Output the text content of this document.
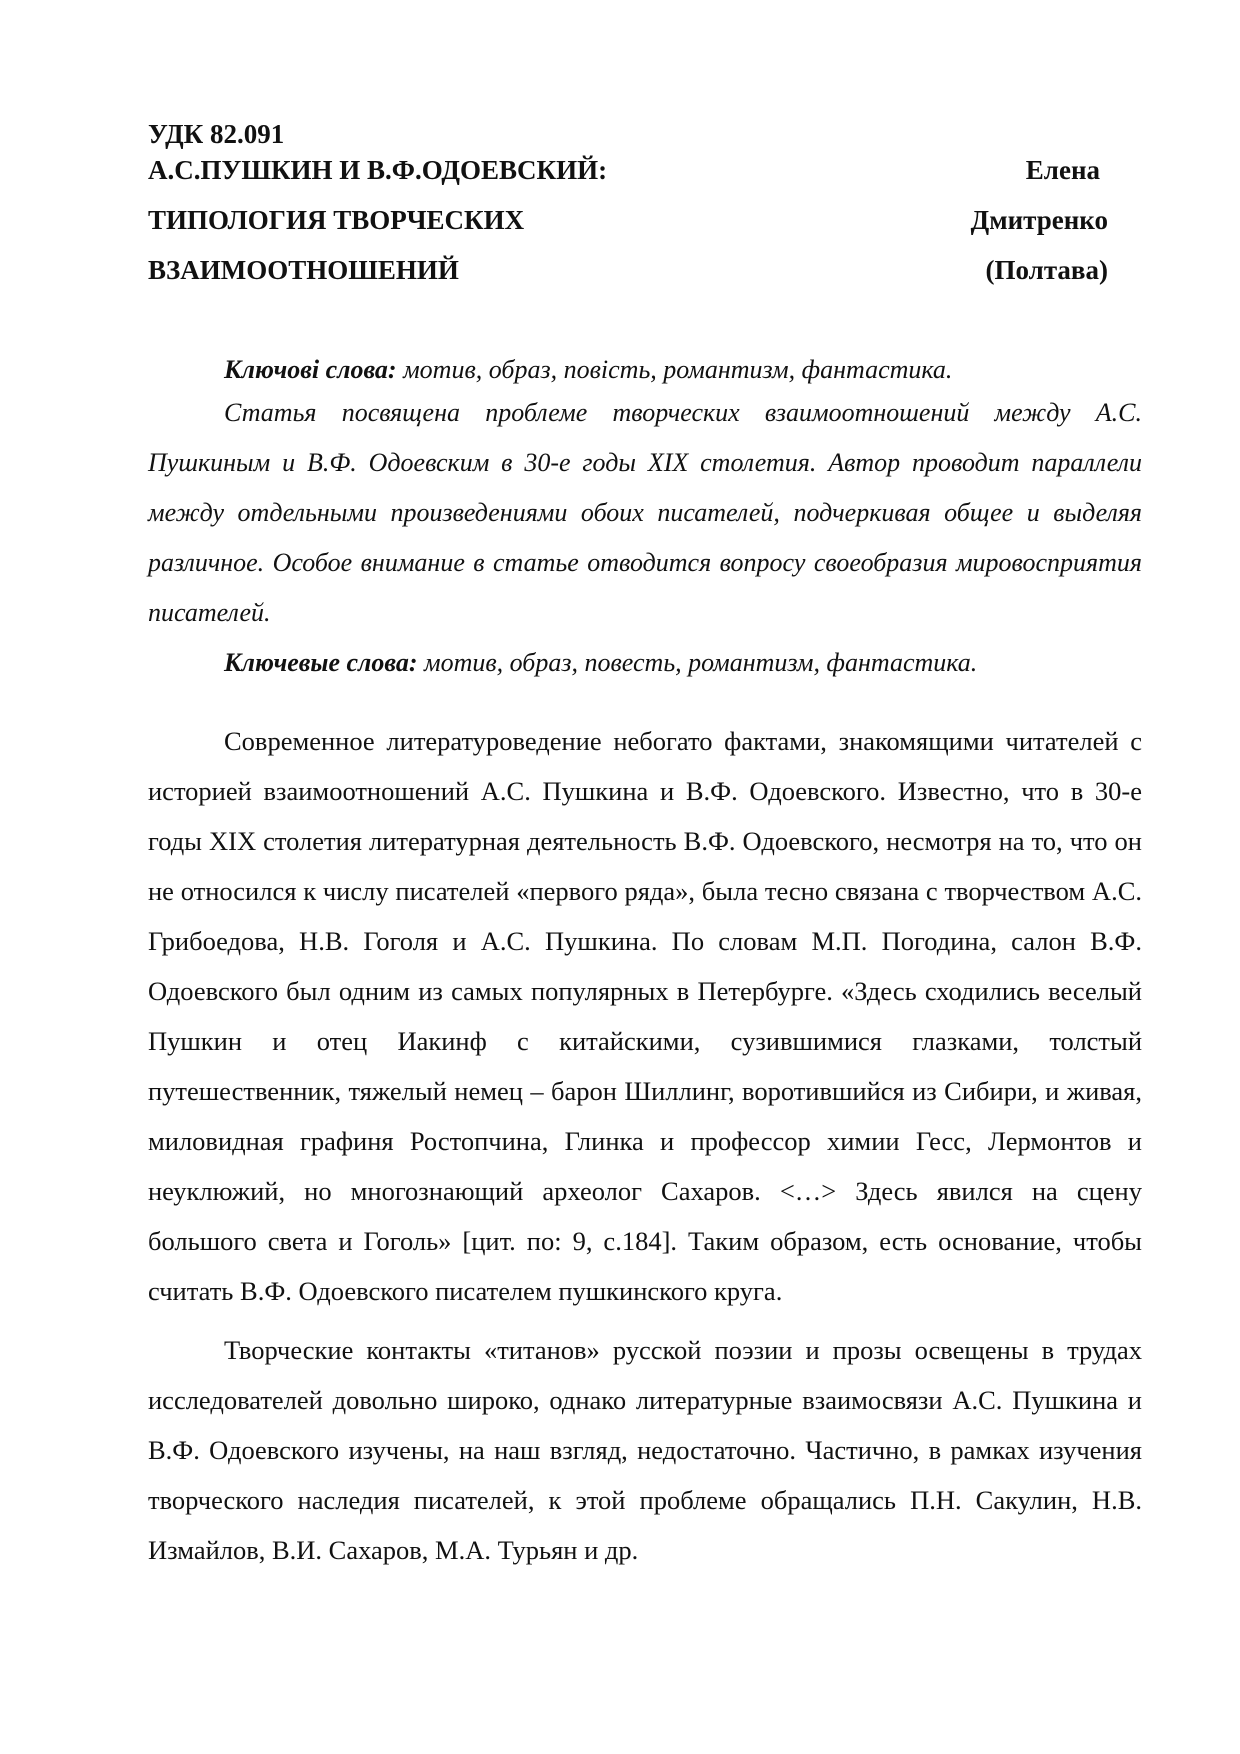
УДК 82.091
А.С.ПУШКИН И В.Ф.ОДОЕВСКИЙ:	Елена
ТИПОЛОГИЯ ТВОРЧЕСКИХ	Дмитренко
ВЗАИМООТНОШЕНИЙ	(Полтава)

Ключові слова: мотив, образ, повість, романтизм, фантастика.

Статья посвящена проблеме творческих взаимоотношений между А.С. Пушкиным и В.Ф. Одоевским в 30-е годы XIX столетия. Автор проводит параллели между отдельными произведениями обоих писателей, подчеркивая общее и выделяя различное. Особое внимание в статье отводится вопросу своеобразия мировосприятия писателей.

Ключевые слова: мотив, образ, повесть, романтизм, фантастика.

Современное литературоведение небогато фактами, знакомящими читателей с историей взаимоотношений А.С. Пушкина и В.Ф. Одоевского. Известно, что в 30-е годы XIX столетия литературная деятельность В.Ф. Одоевского, несмотря на то, что он не относился к числу писателей «первого ряда», была тесно связана с творчеством А.С. Грибоедова, Н.В. Гоголя и А.С. Пушкина. По словам М.П. Погодина, салон В.Ф. Одоевского был одним из самых популярных в Петербурге. «Здесь сходились веселый Пушкин и отец Иакинф с китайскими, сузившимися глазками, толстый путешественник, тяжелый немец – барон Шиллинг, воротившийся из Сибири, и живая, миловидная графиня Ростопчина, Глинка и профессор химии Гесс, Лермонтов и неуклюжий, но многознающий археолог Сахаров. <…> Здесь явился на сцену большого света и Гоголь» [цит. по: 9, с.184]. Таким образом, есть основание, чтобы считать В.Ф. Одоевского писателем пушкинского круга.

Творческие контакты «титанов» русской поэзии и прозы освещены в трудах исследователей довольно широко, однако литературные взаимосвязи А.С. Пушкина и В.Ф. Одоевского изучены, на наш взгляд, недостаточно. Частично, в рамках изучения творческого наследия писателей, к этой проблеме обращались П.Н. Сакулин, Н.В. Измайлов, В.И. Сахаров, М.А. Турьян и др.
